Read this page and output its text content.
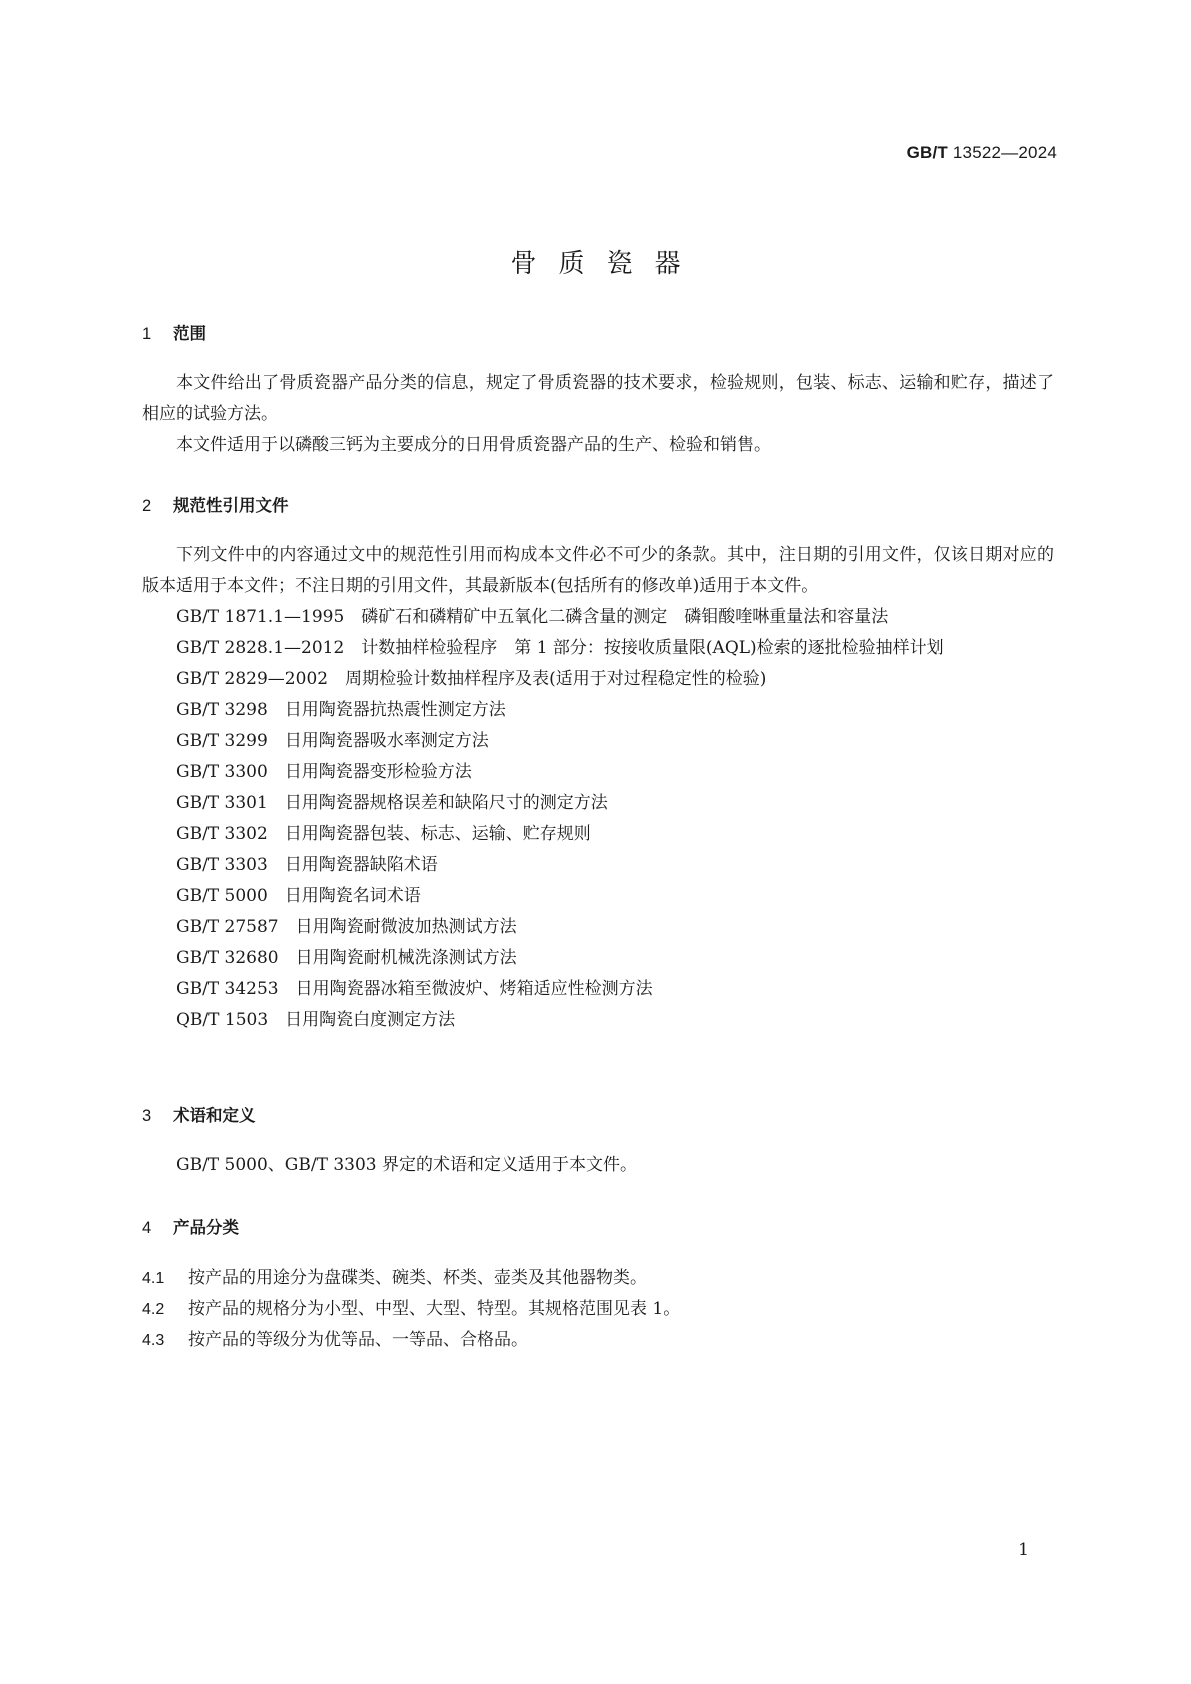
GB/T 13522—2024
骨质瓷器
1 范围

本文件给出了骨质瓷器产品分类的信息，规定了骨质瓷器的技术要求，检验规则，包装、标志、运输和贮存，描述了相应的试验方法。

本文件适用于以磷酸三钙为主要成分的日用骨质瓷器产品的生产、检验和销售。

2 规范性引用文件

下列文件中的内容通过文中的规范性引用而构成本文件必不可少的条款。其中，注日期的引用文件，仅该日期对应的版本适用于本文件；不注日期的引用文件，其最新版本(包括所有的修改单)适用于本文件。

GB/T 1871.1—1995　 磷矿石和磷精矿中五氧化二磷含量的测定　磷钼酸喹啉重量法和容量法

GB/T 2828.1—2012　 计数抽样检验程序　第 1 部分：按接收质量限(AQL)检索的逐批检验抽样计划

GB/T 2829—2002　 周期检验计数抽样程序及表(适用于对过程稳定性的检验)

GB/T 3298　 日用陶瓷器抗热震性测定方法

GB/T 3299　 日用陶瓷器吸水率测定方法

GB/T 3300　 日用陶瓷器变形检验方法

GB/T 3301　 日用陶瓷器规格误差和缺陷尺寸的测定方法

GB/T 3302　 日用陶瓷器包装、标志、运输、贮存规则

GB/T 3303　 日用陶瓷器缺陷术语

GB/T 5000　 日用陶瓷名词术语

GB/T 27587　 日用陶瓷耐微波加热测试方法

GB/T 32680　 日用陶瓷耐机械洗涤测试方法

GB/T 34253　 日用陶瓷器冰箱至微波炉、烤箱适应性检测方法

QB/T 1503　 日用陶瓷白度测定方法

3 术语和定义

GB/T 5000、GB/T 3303 界定的术语和定义适用于本文件。

4 产品分类

4.1 按产品的用途分为盘碟类、碗类、杯类、壶类及其他器物类。

4.2 按产品的规格分为小型、中型、大型、特型。其规格范围见表 1。

4.3 按产品的等级分为优等品、一等品、合格品。

1
